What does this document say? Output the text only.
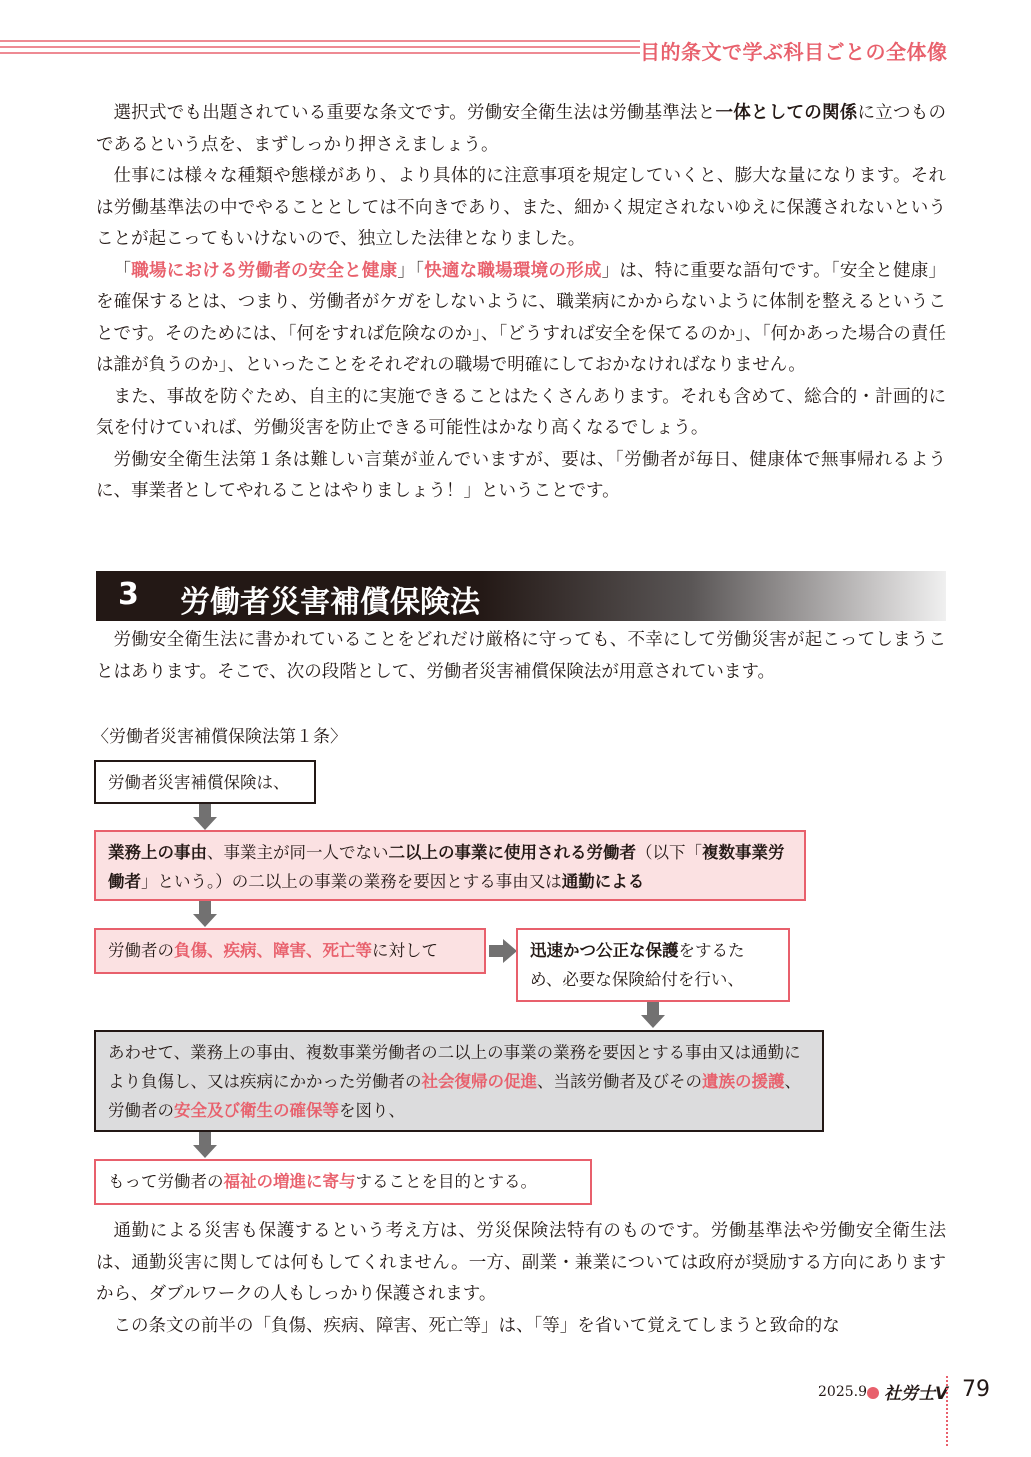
目的条文で学ぶ科目ごとの全体像

選択式でも出題されている重要な条文です。労働安全衛生法は労働基準法と一体としての関係に立つものであるという点を、まずしっかり押さえましょう。

仕事には様々な種類や態様があり、より具体的に注意事項を規定していくと、膨大な量になります。それは労働基準法の中でやることとしては不向きであり、また、細かく規定されないゆえに保護されないということが起こってもいけないので、独立した法律となりました。

「職場における労働者の安全と健康」「快適な職場環境の形成」は、特に重要な語句です。「安全と健康」を確保するとは、つまり、労働者がケガをしないように、職業病にかからないように体制を整えるということです。そのためには、「何をすれば危険なのか」、「どうすれば安全を保てるのか」、「何かあった場合の責任は誰が負うのか」、といったことをそれぞれの職場で明確にしておかなければなりません。

また、事故を防ぐため、自主的に実施できることはたくさんあります。それも含めて、総合的・計画的に気を付けていれば、労働災害を防止できる可能性はかなり高くなるでしょう。

労働安全衛生法第１条は難しい言葉が並んでいますが、要は、「労働者が毎日、健康体で無事帰れるように、事業者としてやれることはやりましょう！」ということです。

3 労働者災害補償保険法

労働安全衛生法に書かれていることをどれだけ厳格に守っても、不幸にして労働災害が起こってしまうことはあります。そこで、次の段階として、労働者災害補償保険法が用意されています。

〈労働者災害補償保険法第１条〉
労働者災害補償保険は、
業務上の事由、事業主が同一人でない二以上の事業に使用される労働者（以下「複数事業労働者」という。）の二以上の事業の業務を要因とする事由又は通勤による
労働者の負傷、疾病、障害、死亡等に対して	迅速かつ公正な保護をするため、必要な保険給付を行い、
あわせて、業務上の事由、複数事業労働者の二以上の事業の業務を要因とする事由又は通勤により負傷し、又は疾病にかかった労働者の社会復帰の促進、当該労働者及びその遺族の援護、労働者の安全及び衛生の確保等を図り、
もって労働者の福祉の増進に寄与することを目的とする。

通勤による災害も保護するという考え方は、労災保険法特有のものです。労働基準法や労働安全衛生法は、通勤災害に関しては何もしてくれません。一方、副業・兼業については政府が奨励する方向にありますから、ダブルワークの人もしっかり保護されます。

この条文の前半の「負傷、疾病、障害、死亡等」は、「等」を省いて覚えてしまうと致命的な

2025.9 社労士V 79
